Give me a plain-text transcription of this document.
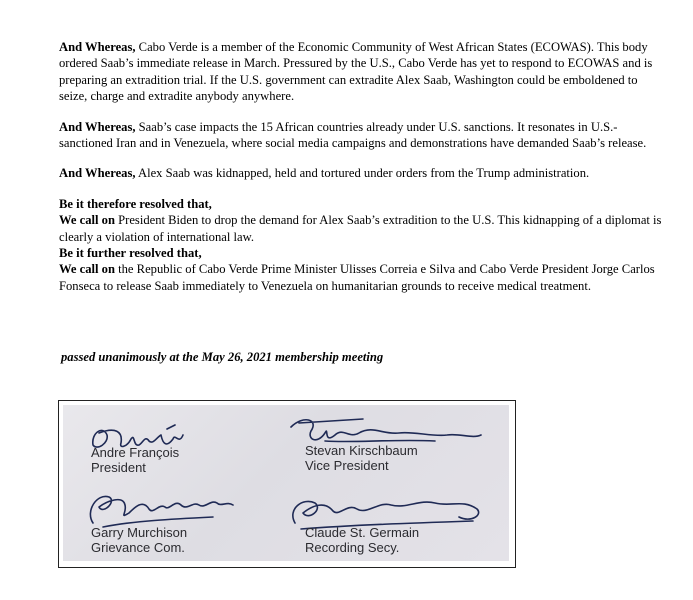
And Whereas, Cabo Verde is a member of the Economic Community of West African States (ECOWAS). This body ordered Saab’s immediate release in March. Pressured by the U.S., Cabo Verde has yet to respond to ECOWAS and is preparing an extradition trial. If the U.S. government can extradite Alex Saab, Washington could be emboldened to seize, charge and extradite anybody anywhere.

And Whereas, Saab’s case impacts the 15 African countries already under U.S. sanctions. It resonates in U.S.-sanctioned Iran and in Venezuela, where social media campaigns and demonstrations have demanded Saab’s release.

And Whereas, Alex Saab was kidnapped, held and tortured under orders from the Trump administration.

Be it therefore resolved that,

We call on President Biden to drop the demand for Alex Saab’s extradition to the U.S. This kidnapping of a diplomat is clearly a violation of international law.

Be it further resolved that,

We call on the Republic of Cabo Verde Prime Minister Ulisses Correia e Silva and Cabo Verde President Jorge Carlos Fonseca to release Saab immediately to Venezuela on humanitarian grounds to receive medical treatment.

passed unanimously at the May 26, 2021 membership meeting
Andre François
President
Stevan Kirschbaum
Vice President
Garry Murchison
Grievance Com.
Claude St. Germain
Recording Secy.
